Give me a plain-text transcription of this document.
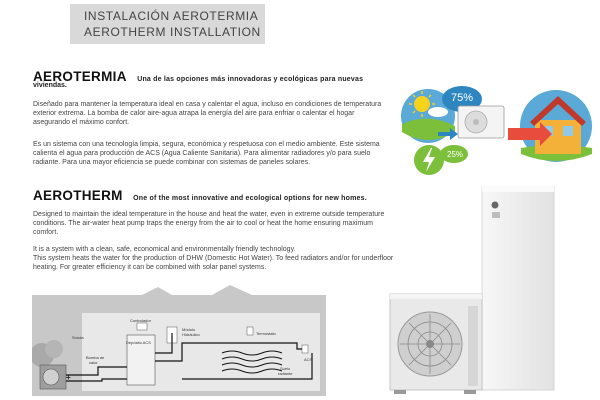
INSTALACIÓN AEROTERMIA
AEROTHERM INSTALLATION
AEROTERMIA Una de las opciones más innovadoras y ecológicas para nuevas
viviendas.
Diseñado para mantener la temperatura ideal en casa y calentar el agua, incluso en condiciones de temperatura exterior extrema. La bomba de calor aire-agua atrapa la energía del aire para enfriar o calentar el hogar asegurando el máximo confort.
Es un sistema con una tecnología limpia, segura, económica y respetuosa con el medio ambiente. Este sistema calienta el agua para producción de ACS (Agua Caliente Sanitaria). Para alimentar radiadores y/o para suelo radiante. Para una mayor eficiencia se puede combinar con sistemas de paneles solares.
AEROTHERM One of the most innovative and ecological options for new homes.
Designed to maintain the ideal temperature in the house and heat the water, even in extreme outside temperature conditions. The air-water heat pump traps the energy from the air to cool or heat the home ensuring maximum comfort.
It is a system with a clean, safe, economical and environmentally friendly technology.
This system heats the water for the production of DHW (Domestic Hot Water). To feed radiators and/or for underfloor heating. For greater efficiency it can be combined with solar panel systems.
75%
25%
+
Controlador
Módulo
Hidráulico	Termostato
Sonda
Depósito ACS
Bomba de
calor
Suelo
radiante
ACS
